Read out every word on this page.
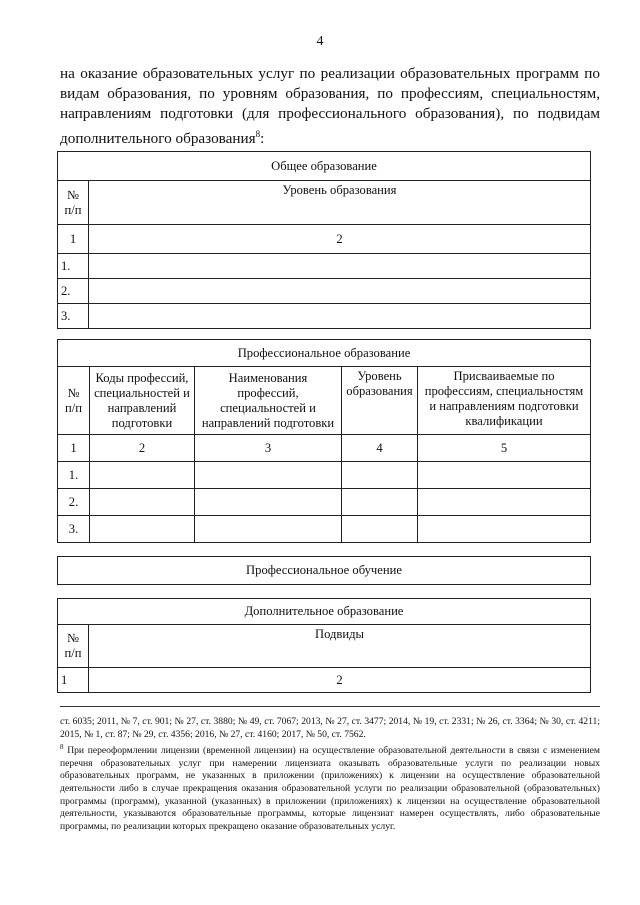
4
на оказание образовательных услуг по реализации образовательных программ по видам образования, по уровням образования, по профессиям, специальностям, направлениям подготовки (для профессионального образования), по подвидам дополнительного образования$^8$:
Общее образование	
№ п/п	Уровень образования
1	2
1.	
2.	
3.	
Профессиональное образование				
№ п/п	Коды профессий, специальностей и направлений подготовки	Наименования профессий, специальностей и направлений подготовки	Уровень образования	Присваиваемые по профессиям, специальностям и направлениям подготовки квалификации
1	2	3	4	5
1.				
2.				
3.				
Профессиональное обучение
Дополнительное образование	
№ п/п	Подвиды
1	2
ст. 6035; 2011, № 7, ст. 901; № 27, ст. 3880; № 49, ст. 7067; 2013, № 27, ст. 3477; 2014, № 19, ст. 2331; № 26, ст. 3364; № 30, ст. 4211; 2015, № 1, ст. 87; № 29, ст. 4356; 2016, № 27, ст. 4160; 2017, № 50, ст. 7562.
$^8$ При переоформлении лицензии (временной лицензии) на осуществление образовательной деятельности в связи с изменением перечня образовательных услуг при намерении лицензиата оказывать образовательные услуги по реализации новых образовательных программ, не указанных в приложении (приложениях) к лицензии на осуществление образовательной деятельности либо в случае прекращения оказания образовательной услуги по реализации образовательной (образовательных) программы (программ), указанной (указанных) в приложении (приложениях) к лицензии на осуществление образовательной деятельности, указываются образовательные программы, которые лицензиат намерен осуществлять, либо образовательные программы, по реализации которых прекращено оказание образовательных услуг.
